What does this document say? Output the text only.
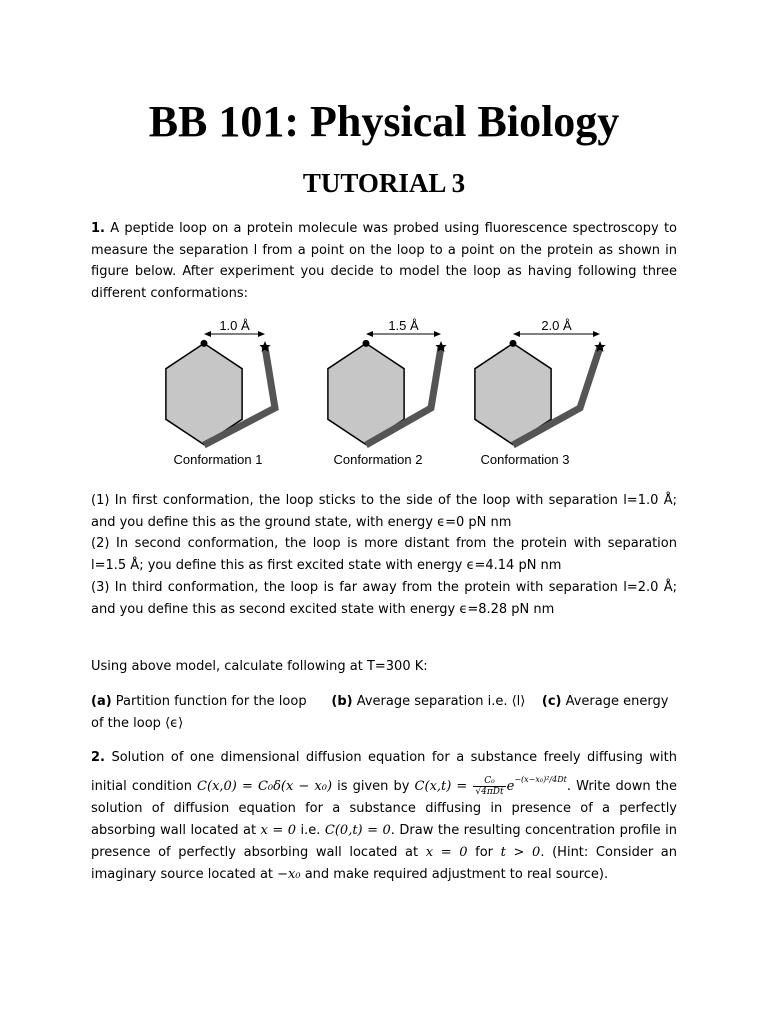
BB 101: Physical Biology
TUTORIAL 3

1. A peptide loop on a protein molecule was probed using fluorescence spectroscopy to measure the separation l from a point on the loop to a point on the protein as shown in figure below. After experiment you decide to model the loop as having following three different conformations:

1.0 Å
Conformation 1
1.5 Å
Conformation 2
2.0 Å
Conformation 3

(1) In first conformation, the loop sticks to the side of the loop with separation l=1.0 Å; and you define this as the ground state, with energy ϵ=0 pN nm

(2) In second conformation, the loop is more distant from the protein with separation l=1.5 Å; you define this as first excited state with energy ϵ=4.14 pN nm

(3) In third conformation, the loop is far away from the protein with separation l=2.0 Å; and you define this as second excited state with energy ϵ=8.28 pN nm

Using above model, calculate following at T=300 K:

(a) Partition function for the loop (b) Average separation i.e. ⟨l⟩ (c) Average energy of the loop ⟨ϵ⟩

2. Solution of one dimensional diffusion equation for a substance freely diffusing with initial condition C(x,0) = C₀δ(x − x₀) is given by $C(x,t) = \frac{\text{C₀}}{\text{√4πDt}} e^{-(x-x_0)^2/4Dt}$. Write down the solution of diffusion equation for a substance diffusing in presence of a perfectly absorbing wall located at x = 0 i.e. C(0,t) = 0. Draw the resulting concentration profile in presence of perfectly absorbing wall located at x = 0 for t > 0. (Hint: Consider an imaginary source located at −x₀ and make required adjustment to real source).
